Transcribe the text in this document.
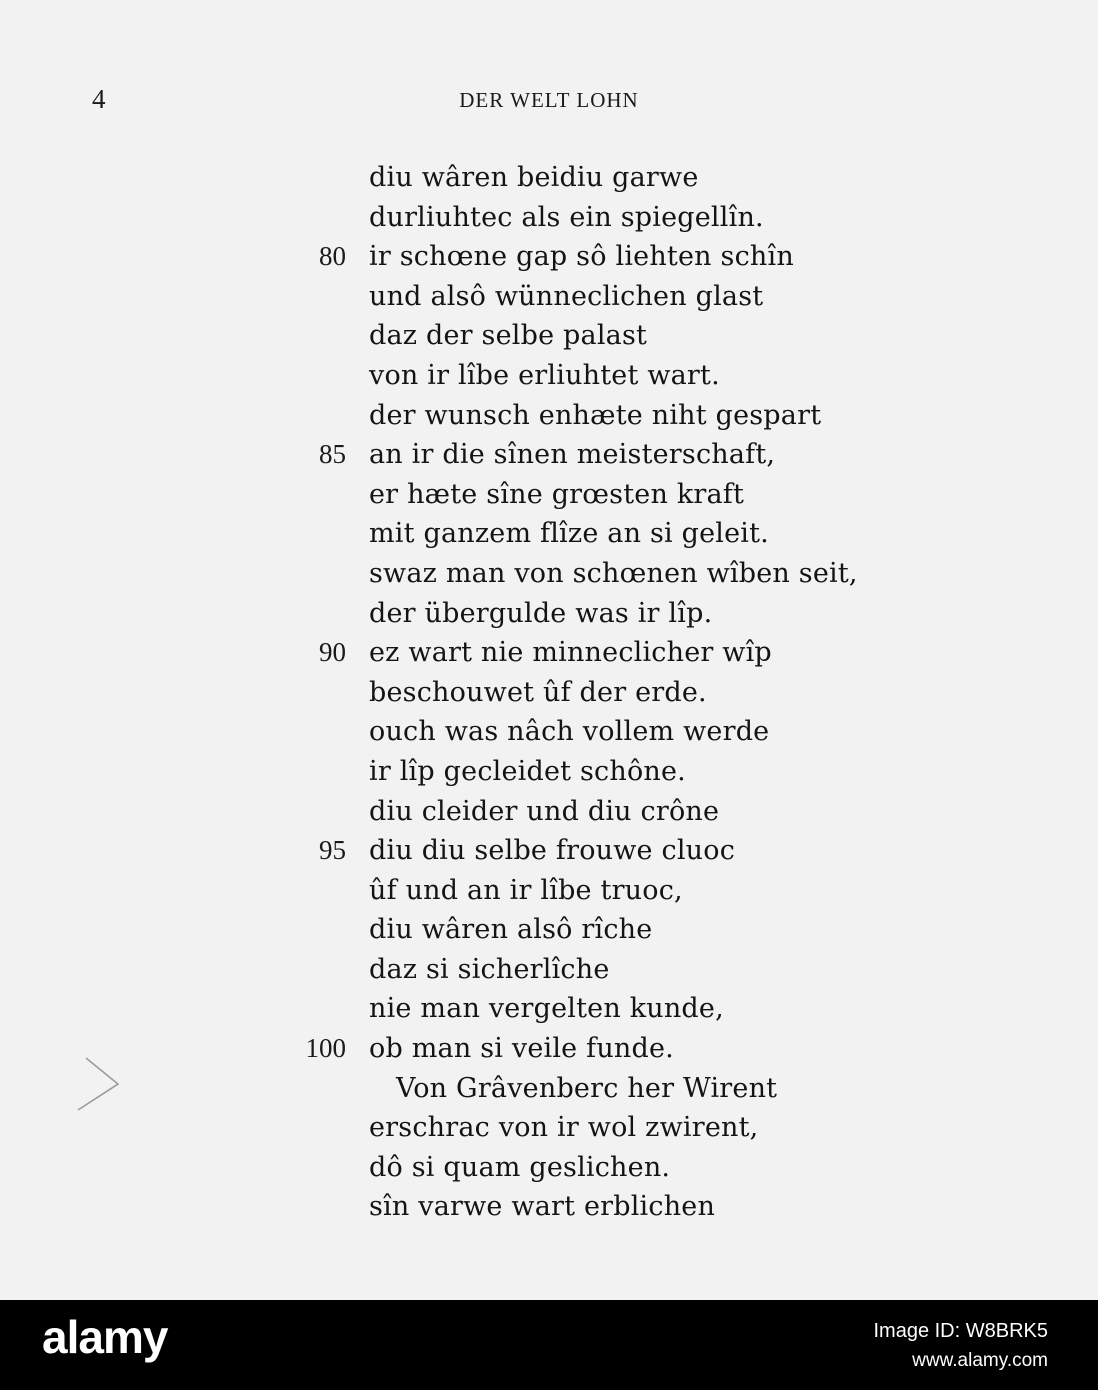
4	DER WELT LOHN
diu wâren beidiu garwe
durliuhtec als ein spiegellîn.
80 ir schœne gap sô liehten schîn
und alsô wünneclichen glast
daz der selbe palast
von ir lîbe erliuhtet wart.
der wunsch enhæte niht gespart
85 an ir die sînen meisterschaft,
er hæte sîne grœsten kraft
mit ganzem flîze an si geleit.
swaz man von schœnen wîben seit,
der übergulde was ir lîp.
90 ez wart nie minneclicher wîp
beschouwet ûf der erde.
ouch was nâch vollem werde
ir lîp gecleidet schône.
diu cleider und diu crône
95 diu diu selbe frouwe cluoc
ûf und an ir lîbe truoc,
diu wâren alsô rîche
daz si sicherlîche
nie man vergelten kunde,
100 ob man si veile funde.
Von Grâvenberc her Wirent
erschrac von ir wol zwirent,
dô si quam geslichen.
sîn varwe wart erblichen
alamy	Image ID: W8BRK5
www.alamy.com
